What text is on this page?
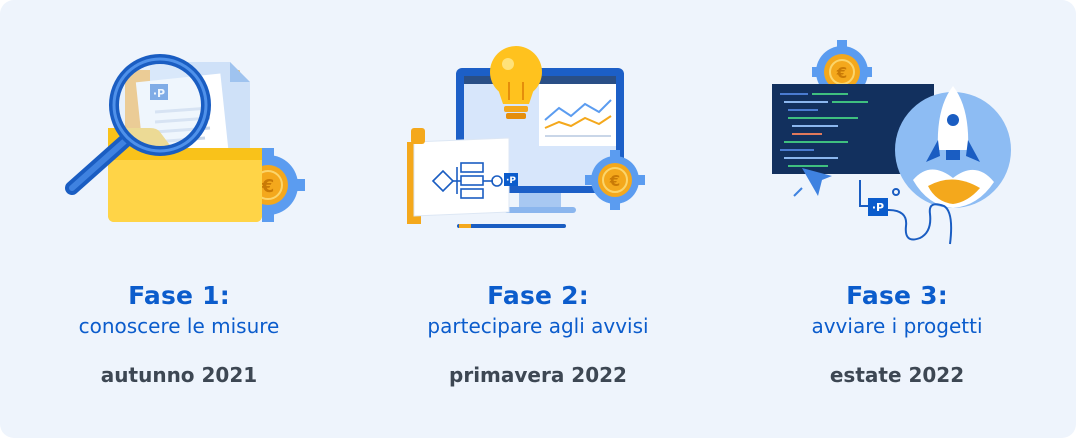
€
Fase 1:
conoscere le misure
autunno 2021
·P	€
Fase 2:
partecipare agli avvisi
primavera 2022
€
·P
Fase 3:
avviare i progetti
estate 2022
